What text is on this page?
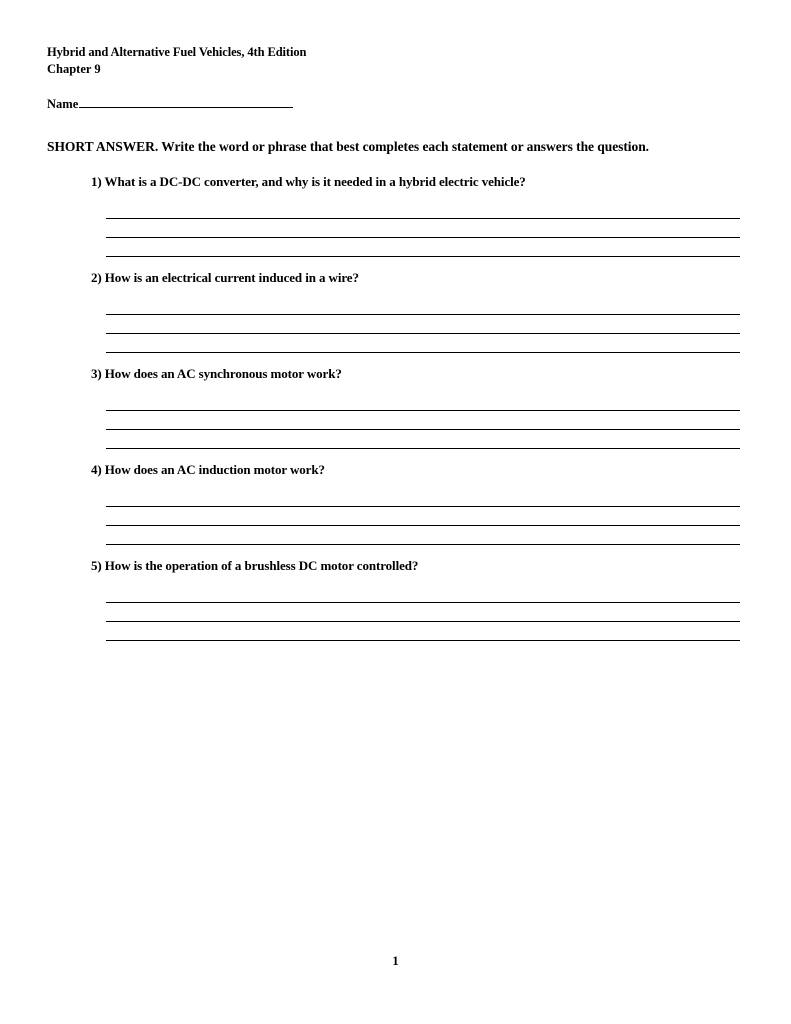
Hybrid and Alternative Fuel Vehicles, 4th Edition
Chapter 9
Name
SHORT ANSWER. Write the word or phrase that best completes each statement or answers the question.
1) What is a DC-DC converter, and why is it needed in a hybrid electric vehicle?
2) How is an electrical current induced in a wire?
3) How does an AC synchronous motor work?
4) How does an AC induction motor work?
5) How is the operation of a brushless DC motor controlled?
1
